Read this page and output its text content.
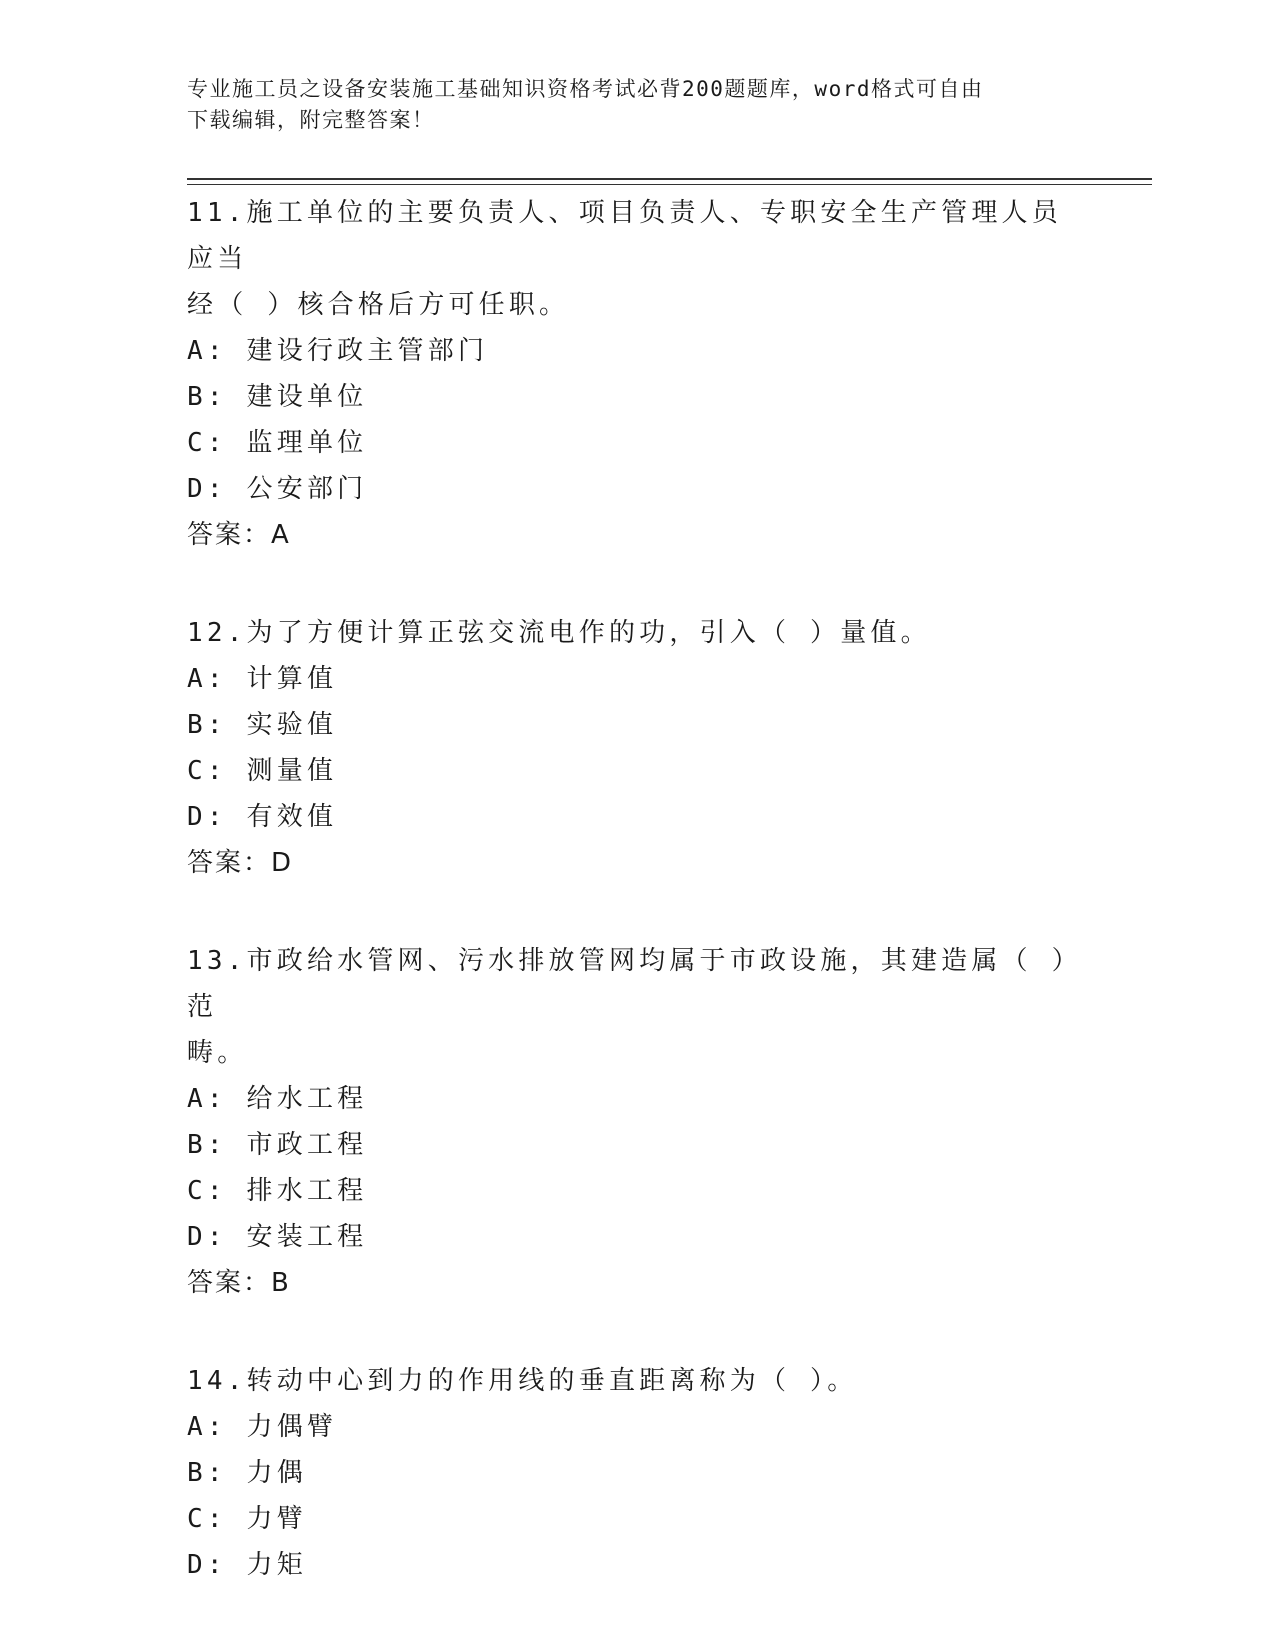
专业施工员之设备安装施工基础知识资格考试必背200题题库，word格式可自由
下载编辑，附完整答案！

11.施工单位的主要负责人、项目负责人、专职安全生产管理人员应当

经（ ）核合格后方可任职。

A: 建设行政主管部门

B: 建设单位

C: 监理单位

D: 公安部门

答案：A

12.为了方便计算正弦交流电作的功，引入（ ）量值。

A: 计算值

B: 实验值

C: 测量值

D: 有效值

答案：D

13.市政给水管网、污水排放管网均属于市政设施，其建造属（ ）范

畴。

A: 给水工程

B: 市政工程

C: 排水工程

D: 安装工程

答案：B

14.转动中心到力的作用线的垂直距离称为（ ）。

A: 力偶臂

B: 力偶

C: 力臂

D: 力矩
